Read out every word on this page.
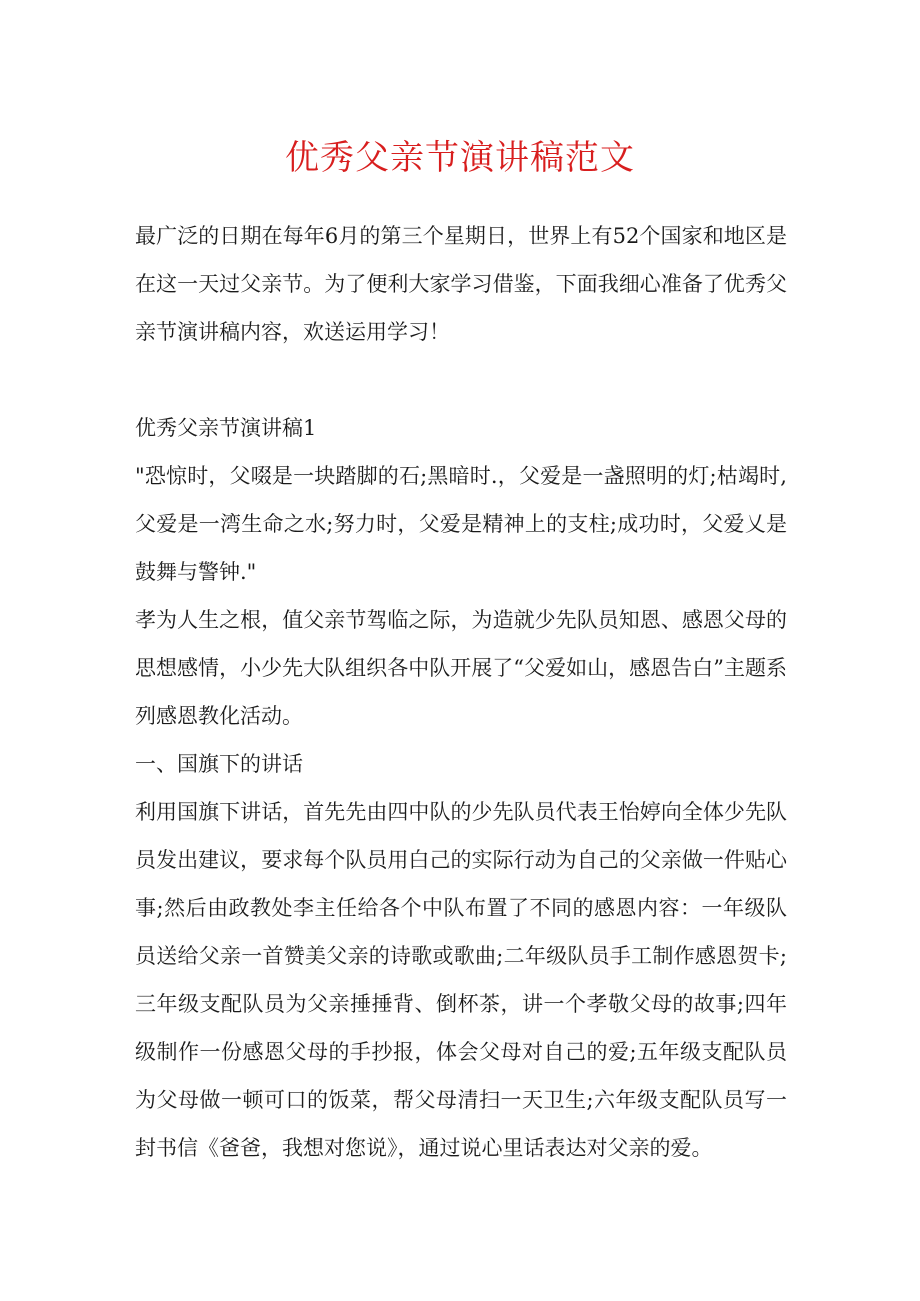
优秀父亲节演讲稿范文

最广泛的日期在每年6月的第三个星期日，世界上有52个国家和地区是在这一天过父亲节。为了便利大家学习借鉴，下面我细心准备了优秀父亲节演讲稿内容，欢送运用学习！

优秀父亲节演讲稿1

"恐惊时，父啜是一块踏脚的石;黑暗时.，父爱是一盏照明的灯;枯竭时,父爱是一湾生命之水;努力时，父爱是精神上的支柱;成功时，父爱乂是鼓舞与警钟."

孝为人生之根，值父亲节驾临之际，为造就少先队员知恩、感恩父母的思想感情，小少先大队组织各中队开展了“父爱如山，感恩告白”主题系列感恩教化活动。

一、国旗下的讲话

利用国旗下讲话，首先先由四中队的少先队员代表王怡婷向全体少先队员发出建议，要求每个队员用白己的实际行动为自己的父亲做一件贴心事;然后由政教处李主任给各个中队布置了不同的感恩内容：一年级队员送给父亲一首赞美父亲的诗歌或歌曲;二年级队员手工制作感恩贺卡;三年级支配队员为父亲捶捶背、倒杯茶，讲一个孝敬父母的故事;四年级制作一份感恩父母的手抄报，体会父母对自己的爱;五年级支配队员为父母做一顿可口的饭菜，帮父母清扫一天卫生;六年级支配队员写一封书信《爸爸，我想对您说》，通过说心里话表达对父亲的爱。
